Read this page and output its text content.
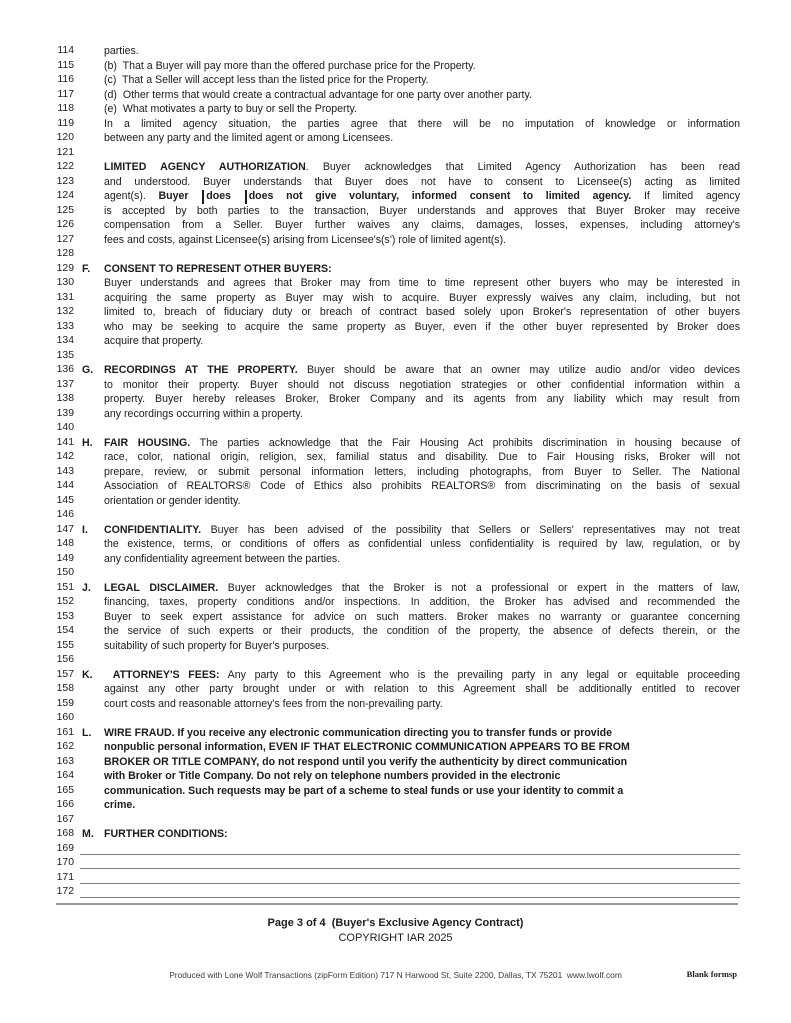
114	parties.
115	(b)  That a Buyer will pay more than the offered purchase price for the Property.
116	(c)  That a Seller will accept less than the listed price for the Property.
117	(d)  Other terms that would create a contractual advantage for one party over another party.
118	(e)  What motivates a party to buy or sell the Property.
119	In a limited agency situation, the parties agree that there will be no imputation of knowledge or information
120	between any party and the limited agent or among Licensees.
121
122	LIMITED AGENCY AUTHORIZATION. Buyer acknowledges that Limited Agency Authorization has been read
123	and understood. Buyer understands that Buyer does not have to consent to Licensee(s) acting as limited
124	agent(s). Buyer does does not give voluntary, informed consent to limited agency. If limited agency
125	is accepted by both parties to the transaction, Buyer understands and approves that Buyer Broker may receive
126	compensation from a Seller. Buyer further waives any claims, damages, losses, expenses, including attorney's
127	fees and costs, against Licensee(s) arising from Licensee's(s') role of limited agent(s).
128
129 F.	CONSENT TO REPRESENT OTHER BUYERS:
130	Buyer understands and agrees that Broker may from time to time represent other buyers who may be interested in
131	acquiring the same property as Buyer may wish to acquire. Buyer expressly waives any claim, including, but not
132	limited to, breach of fiduciary duty or breach of contract based solely upon Broker's representation of other buyers
133	who may be seeking to acquire the same property as Buyer, even if the other buyer represented by Broker does
134	acquire that property.
135
136 G.	RECORDINGS AT THE PROPERTY. Buyer should be aware that an owner may utilize audio and/or video devices
137	to monitor their property. Buyer should not discuss negotiation strategies or other confidential information within a
138	property. Buyer hereby releases Broker, Broker Company and its agents from any liability which may result from
139	any recordings occurring within a property.
140
141 H.	FAIR HOUSING. The parties acknowledge that the Fair Housing Act prohibits discrimination in housing because of
142	race, color, national origin, religion, sex, familial status and disability. Due to Fair Housing risks, Broker will not
143	prepare, review, or submit personal information letters, including photographs, from Buyer to Seller. The National
144	Association of REALTORS® Code of Ethics also prohibits REALTORS® from discriminating on the basis of sexual
145	orientation or gender identity.
146
147 I.	CONFIDENTIALITY. Buyer has been advised of the possibility that Sellers or Sellers' representatives may not treat
148	the existence, terms, or conditions of offers as confidential unless confidentiality is required by law, regulation, or by
149	any confidentiality agreement between the parties.
150
151 J.	LEGAL DISCLAIMER. Buyer acknowledges that the Broker is not a professional or expert in the matters of law,
152	financing, taxes, property conditions and/or inspections. In addition, the Broker has advised and recommended the
153	Buyer to seek expert assistance for advice on such matters. Broker makes no warranty or guarantee concerning
154	the service of such experts or their products, the condition of the property, the absence of defects therein, or the
155	suitability of such property for Buyer's purposes.
156
157 K.	ATTORNEY'S FEES: Any party to this Agreement who is the prevailing party in any legal or equitable proceeding
158	against any other party brought under or with relation to this Agreement shall be additionally entitled to recover
159	court costs and reasonable attorney's fees from the non-prevailing party.
160
161 L.	WIRE FRAUD. If you receive any electronic communication directing you to transfer funds or provide
162	nonpublic personal information, EVEN IF THAT ELECTRONIC COMMUNICATION APPEARS TO BE FROM
163	BROKER OR TITLE COMPANY, do not respond until you verify the authenticity by direct communication
164	with Broker or Title Company. Do not rely on telephone numbers provided in the electronic
165	communication. Such requests may be part of a scheme to steal funds or use your identity to commit a
166	crime.
167
168 M. FURTHER CONDITIONS:
169
170
171
172
Page 3 of 4  (Buyer's Exclusive Agency Contract)
COPYRIGHT IAR 2025
Produced with Lone Wolf Transactions (zipForm Edition) 717 N Harwood St, Suite 2200, Dallas, TX 75201  www.lwolf.com	Blank formsp
